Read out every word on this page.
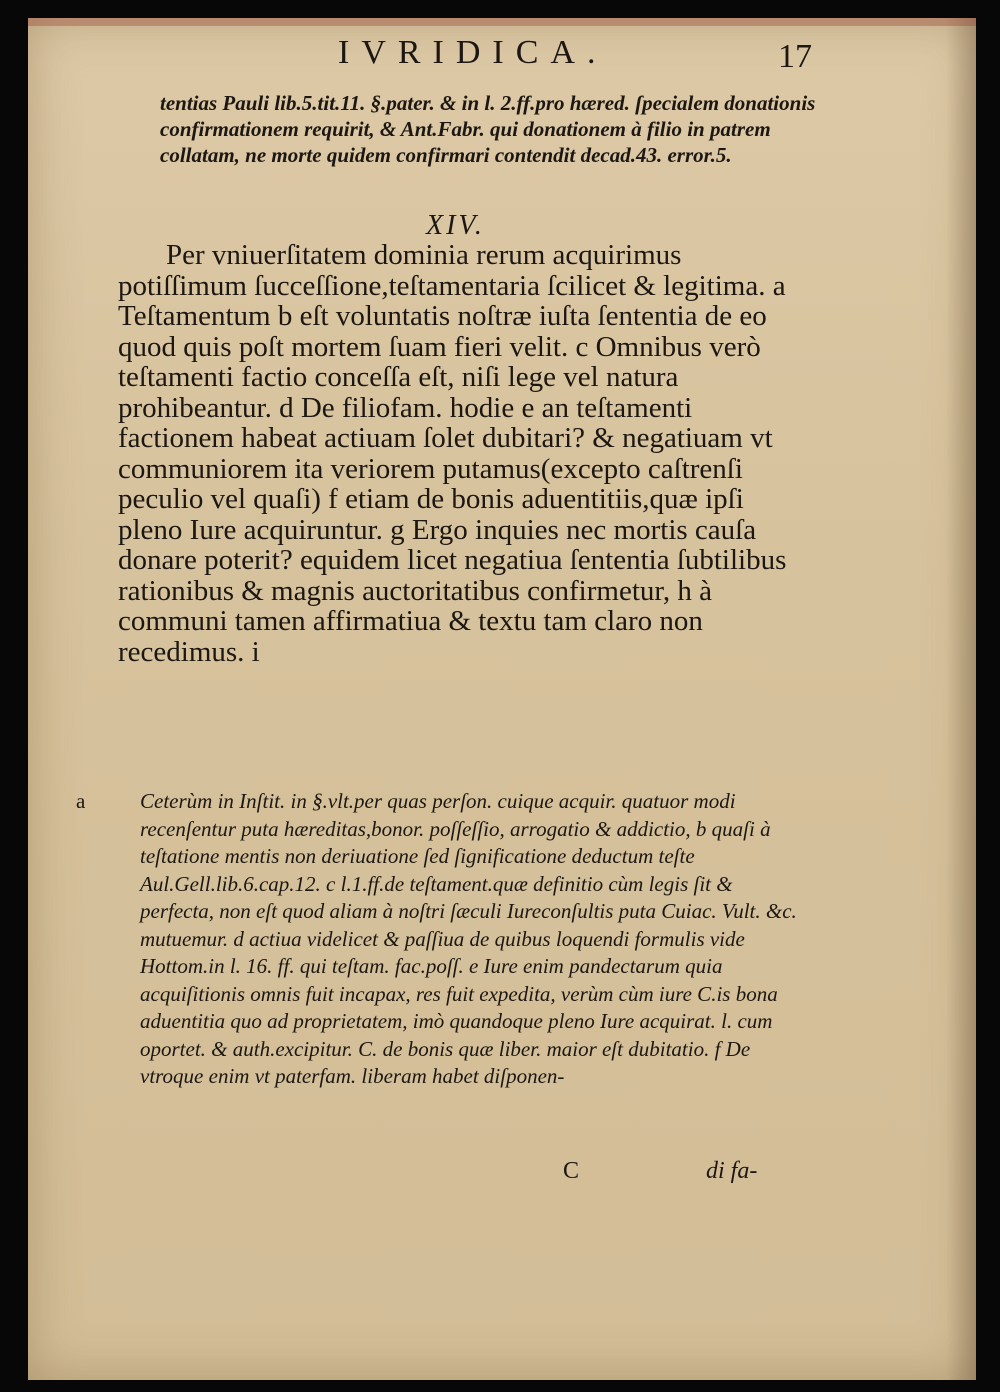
IVRIDICA.	17
tentias Pauli lib.5.tit.11. §.pater. & in l. 2.ff.pro hæred. ſpecialem donationis confirmationem requirit, & Ant.Fabr. qui donationem à filio in patrem collatam, ne morte quidem confirmari contendit decad.43. error.5.
XIV.

Per vniuerſitatem dominia rerum acquirimus potiſſimum ſucceſſione,teſtamentaria ſcilicet & legitima. a Teſtamentum b eſt voluntatis noſtræ iuſta ſententia de eo quod quis poſt mortem ſuam fieri velit. c Omnibus verò teſtamenti factio conceſſa eſt, niſi lege vel natura prohibeantur. d De filiofam. hodie e an teſtamenti factionem habeat actiuam ſolet dubitari? & negatiuam vt communiorem ita veriorem putamus(excepto caſtrenſi peculio vel quaſi) f etiam de bonis aduentitiis,quæ ipſi pleno Iure acquiruntur. g Ergo inquies nec mortis cauſa donare poterit? equidem licet negatiua ſententia ſubtilibus rationibus & magnis auctoritatibus confirmetur, h à communi tamen affirmatiua & textu tam claro non recedimus. i

a	Ceterùm in Inſtit. in §.vlt.per quas perſon. cuique acquir. quatuor modi recenſentur puta hæreditas,bonor. poſſeſſio, arrogatio & addictio, b quaſi à teſtatione mentis non deriuatione ſed ſignificatione deductum teſte Aul.Gell.lib.6.cap.12. c l.1.ff.de teſtament.quæ definitio cùm legis ſit & perfecta, non eſt quod aliam à noſtri ſæculi Iureconſultis puta Cuiac. Vult. &c. mutuemur. d actiua videlicet & paſſiua de quibus loquendi formulis vide Hottom.in l. 16. ff. qui teſtam. fac.poſſ. e Iure enim pandectarum quia acquiſitionis omnis fuit incapax, res fuit expedita, verùm cùm iure C.is bona aduentitia quo ad proprietatem, imò quandoque pleno Iure acquirat. l. cum oportet. & auth.excipitur. C. de bonis quæ liber. maior eſt dubitatio. f De vtroque enim vt paterfam. liberam habet diſponen-
C	di fa-
